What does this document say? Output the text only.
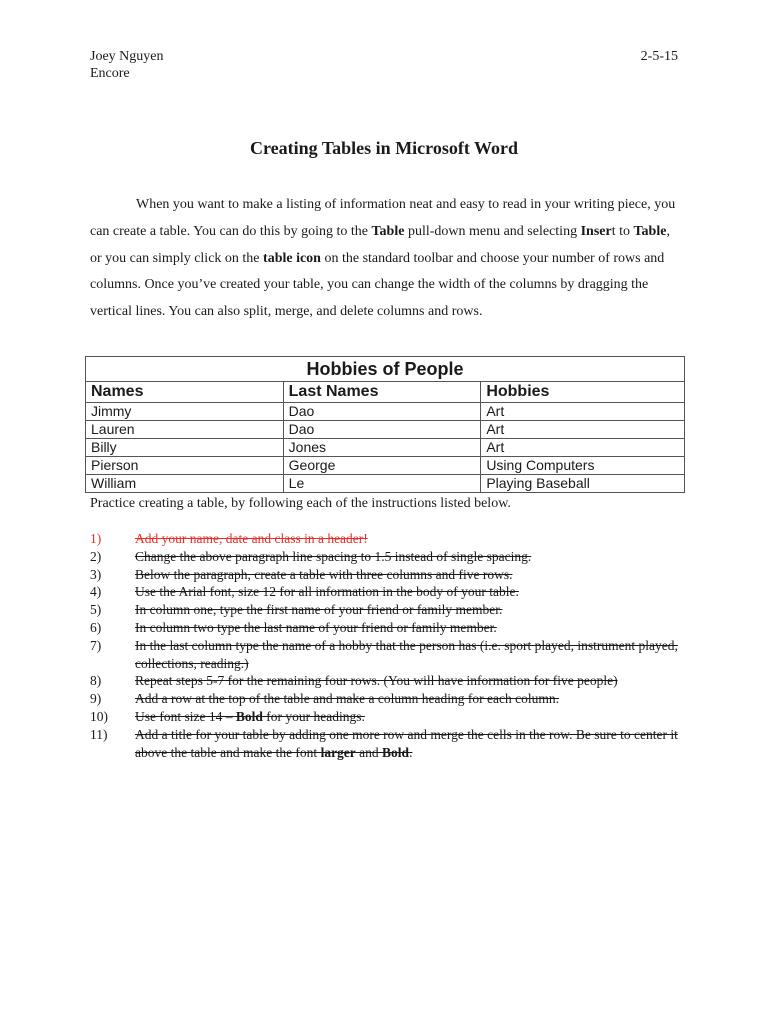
Joey Nguyen
Encore
2-5-15
Creating Tables in Microsoft Word

When you want to make a listing of information neat and easy to read in your writing piece, you can create a table. You can do this by going to the Table pull-down menu and selecting Insert to Table, or you can simply click on the table icon on the standard toolbar and choose your number of rows and columns. Once you’ve created your table, you can change the width of the columns by dragging the vertical lines. You can also split, merge, and delete columns and rows.

Hobbies of People		
Names	Last Names	Hobbies
Jimmy	Dao	Art
Lauren	Dao	Art
Billy	Jones	Art
Pierson	George	Using Computers
William	Le	Playing Baseball
Practice creating a table, by following each of the instructions listed below.
1)	Add your name, date and class in a header!
2)	Change the above paragraph line spacing to 1.5 instead of single spacing.
3)	Below the paragraph, create a table with three columns and five rows.
4)	Use the Arial font, size 12 for all information in the body of your table.
5)	In column one, type the first name of your friend or family member.
6)	In column two type the last name of your friend or family member.
7)	In the last column type the name of a hobby that the person has (i.e. sport played, instrument played, collections, reading.)
8)	Repeat steps 5-7 for the remaining four rows. (You will have information for five people)
9)	Add a row at the top of the table and make a column heading for each column.
10)	Use font size 14 – Bold for your headings.
11)	Add a title for your table by adding one more row and merge the cells in the row. Be sure to center it above the table and make the font larger and Bold.
